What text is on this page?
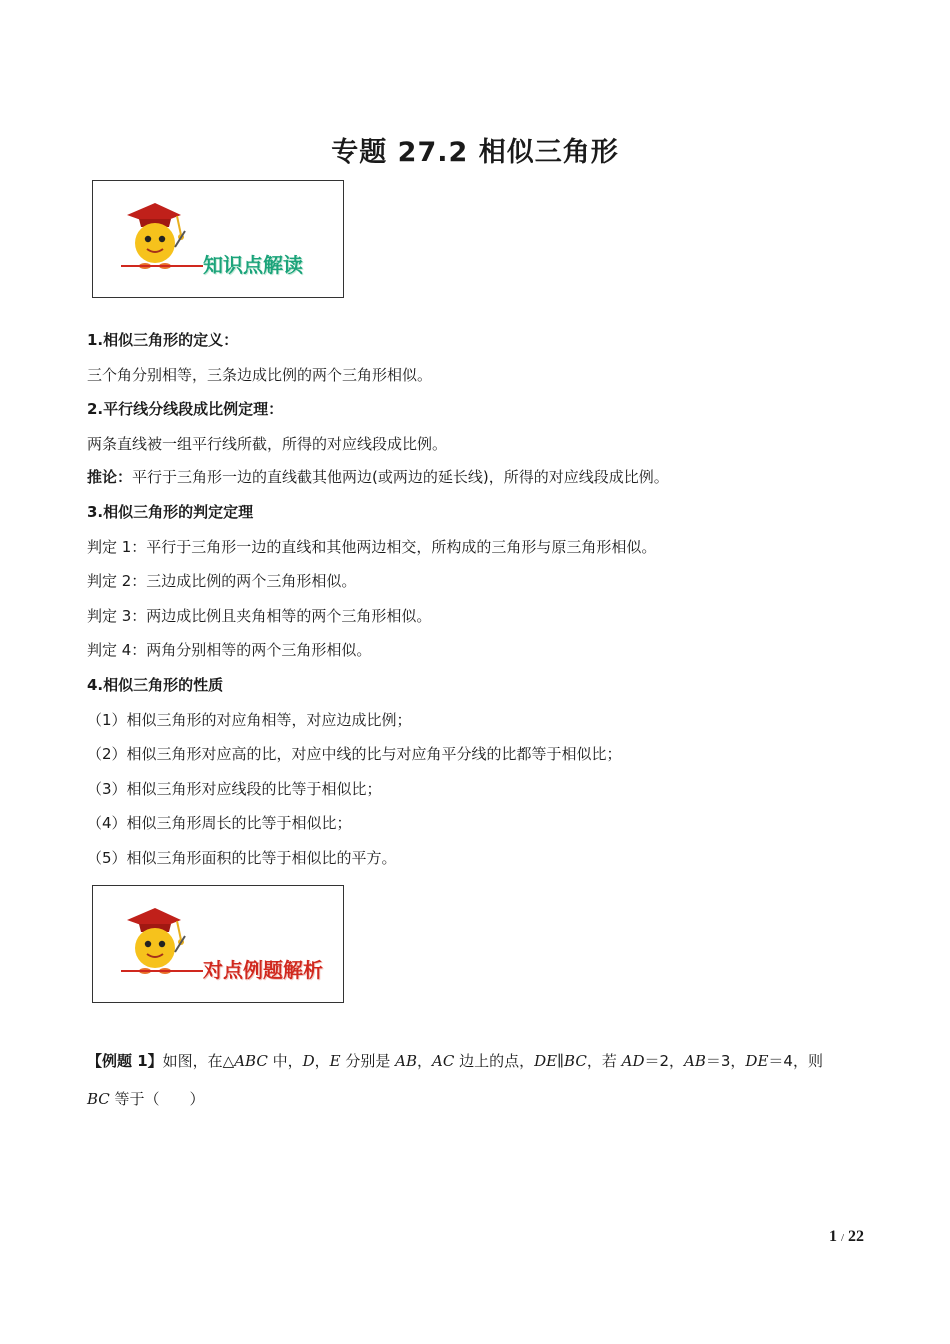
专题 27.2 相似三角形
知识点解读
1.相似三角形的定义：
三个角分别相等，三条边成比例的两个三角形相似。
2.平行线分线段成比例定理：
两条直线被一组平行线所截，所得的对应线段成比例。
推论：平行于三角形一边的直线截其他两边(或两边的延长线)，所得的对应线段成比例。
3.相似三角形的判定定理
判定 1：平行于三角形一边的直线和其他两边相交，所构成的三角形与原三角形相似。
判定 2：三边成比例的两个三角形相似。
判定 3：两边成比例且夹角相等的两个三角形相似。
判定 4：两角分别相等的两个三角形相似。
4.相似三角形的性质
（1）相似三角形的对应角相等，对应边成比例；
（2）相似三角形对应高的比，对应中线的比与对应角平分线的比都等于相似比；
（3）相似三角形对应线段的比等于相似比；
（4）相似三角形周长的比等于相似比；
（5）相似三角形面积的比等于相似比的平方。
对点例题解析
【例题 1】如图，在△ABC 中，D，E 分别是 AB，AC 边上的点，DE∥BC，若 AD＝2，AB＝3，DE＝4，则
BC 等于（　　）
1 / 22
